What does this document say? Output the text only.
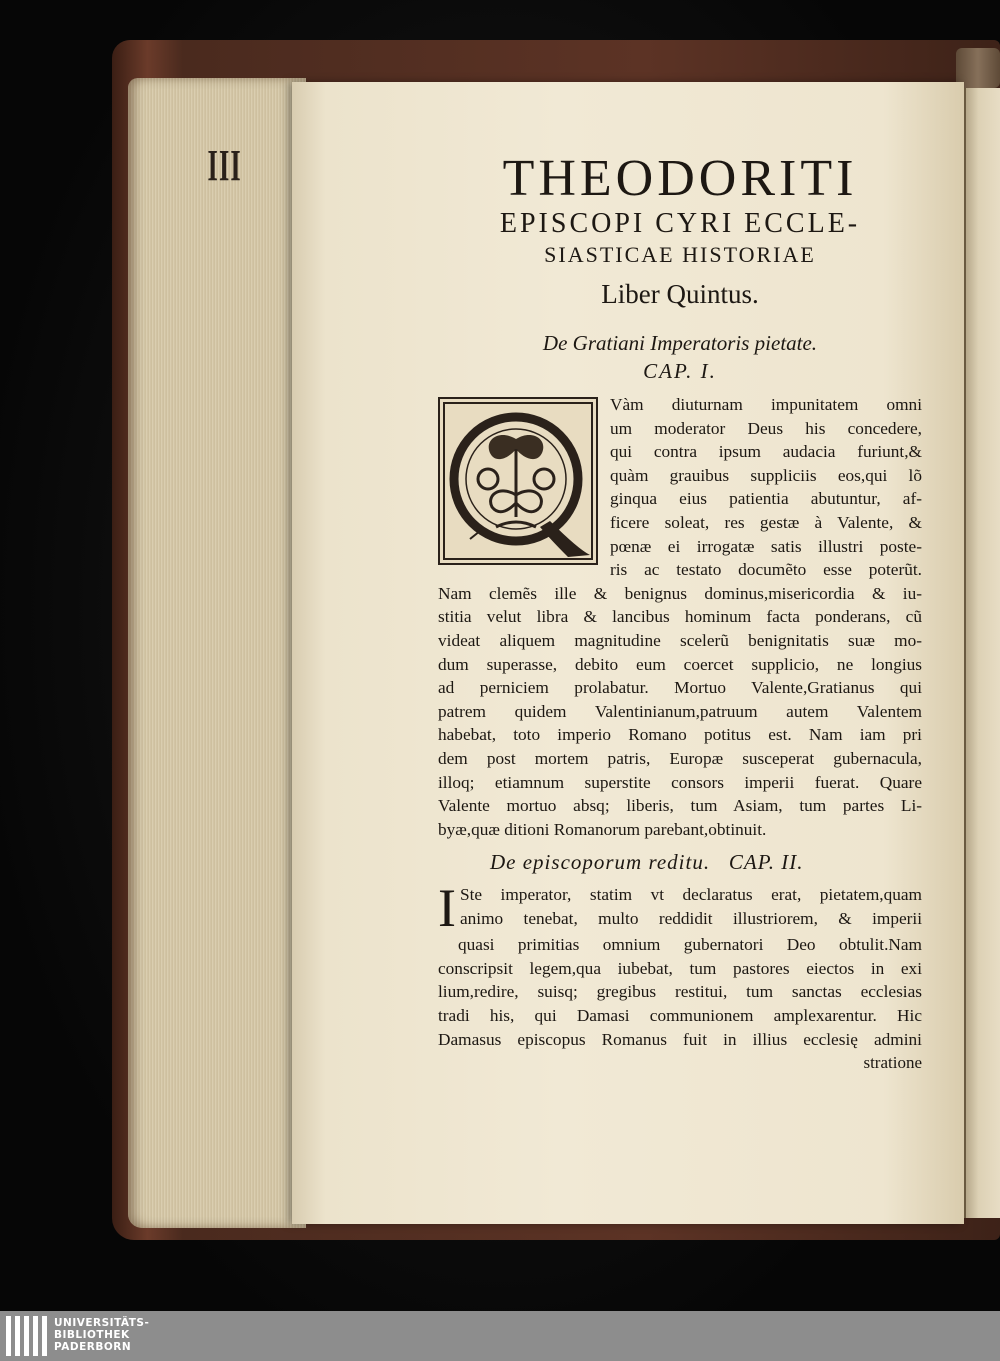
III	THEODORITI
EPISCOPI CYRI ECCLE-
SIASTICAE HISTORIAE
Liber Quintus.
De Gratiani Imperatoris pietate.
CAP. I.
Vàm diuturnam impunitatem omni
um moderator Deus his concedere,
qui contra ipsum audacia furiunt,&
quàm grauibus suppliciis eos,qui lõ
ginqua eius patientia abutuntur, af-
ficere soleat, res gestæ à Valente, &
pœnæ ei irrogatæ satis illustri poste-
ris ac testato documẽto esse poterũt.
Nam clemẽs ille & benignus dominus,misericordia & iu-
stitia velut libra & lancibus hominum facta ponderans, cũ
videat aliquem magnitudine scelerũ benignitatis suæ mo-
dum superasse, debito eum coercet supplicio, ne longius
ad perniciem prolabatur. Mortuo Valente,Gratianus qui
patrem quidem Valentinianum,patruum autem Valentem
habebat, toto imperio Romano potitus est. Nam iam pri
dem post mortem patris, Europæ susceperat gubernacula,
illoq; etiamnum superstite consors imperii fuerat. Quare
Valente mortuo absq; liberis, tum Asiam, tum partes Li-
byæ,quæ ditioni Romanorum parebant,obtinuit.
De episcoporum reditu.   CAP. II.
I Ste imperator, statim vt declaratus erat, pietatem,quam
animo tenebat, multo reddidit illustriorem, & imperii
quasi primitias omnium gubernatori Deo obtulit.Nam
conscripsit legem,qua iubebat, tum pastores eiectos in exi
lium,redire, suisq; gregibus restitui, tum sanctas ecclesias
tradi his, qui Damasi communionem amplexarentur. Hic
Damasus episcopus Romanus fuit in illius ecclesię admini
stratione
UNIVERSITÄTS-
BIBLIOTHEK
PADERBORN
